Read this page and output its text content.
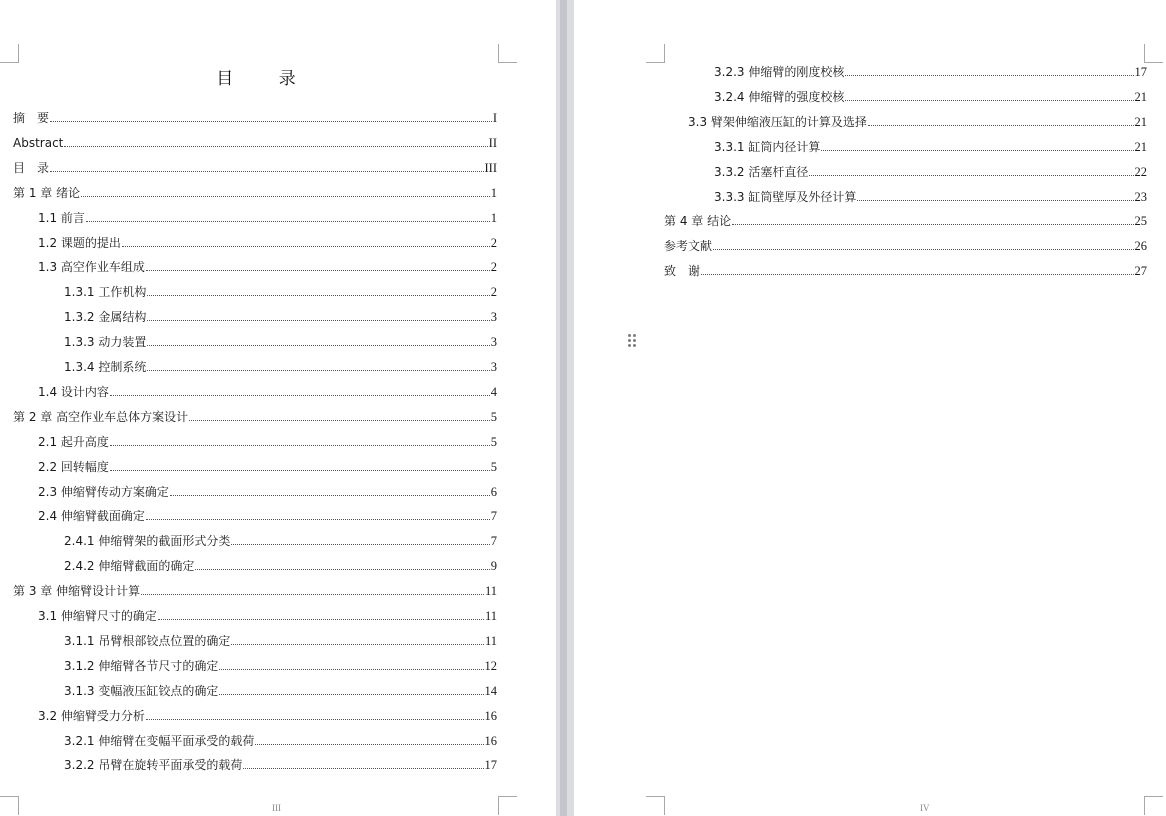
目 录
摘　要	I
Abstract	II
目　录	III
第 1 章 绪论	1
1.1 前言	1
1.2 课题的提出	2
1.3 高空作业车组成	2
1.3.1 工作机构	2
1.3.2 金属结构	3
1.3.3 动力装置	3
1.3.4 控制系统	3
1.4 设计内容	4
第 2 章 高空作业车总体方案设计	5
2.1 起升高度	5
2.2 回转幅度	5
2.3 伸缩臂传动方案确定	6
2.4 伸缩臂截面确定	7
2.4.1 伸缩臂架的截面形式分类	7
2.4.2 伸缩臂截面的确定	9
第 3 章 伸缩臂设计计算	11
3.1 伸缩臂尺寸的确定	11
3.1.1 吊臂根部铰点位置的确定	11
3.1.2 伸缩臂各节尺寸的确定	12
3.1.3 变幅液压缸铰点的确定	14
3.2 伸缩臂受力分析	16
3.2.1 伸缩臂在变幅平面承受的载荷	16
3.2.2 吊臂在旋转平面承受的载荷	17
III
3.2.3 伸缩臂的刚度校核	17
3.2.4 伸缩臂的强度校核	21
3.3 臂架伸缩液压缸的计算及选择	21
3.3.1 缸筒内径计算	21
3.3.2 活塞杆直径	22
3.3.3 缸筒壁厚及外径计算	23
第 4 章 结论	25
参考文献	26
致　谢	27
IV
